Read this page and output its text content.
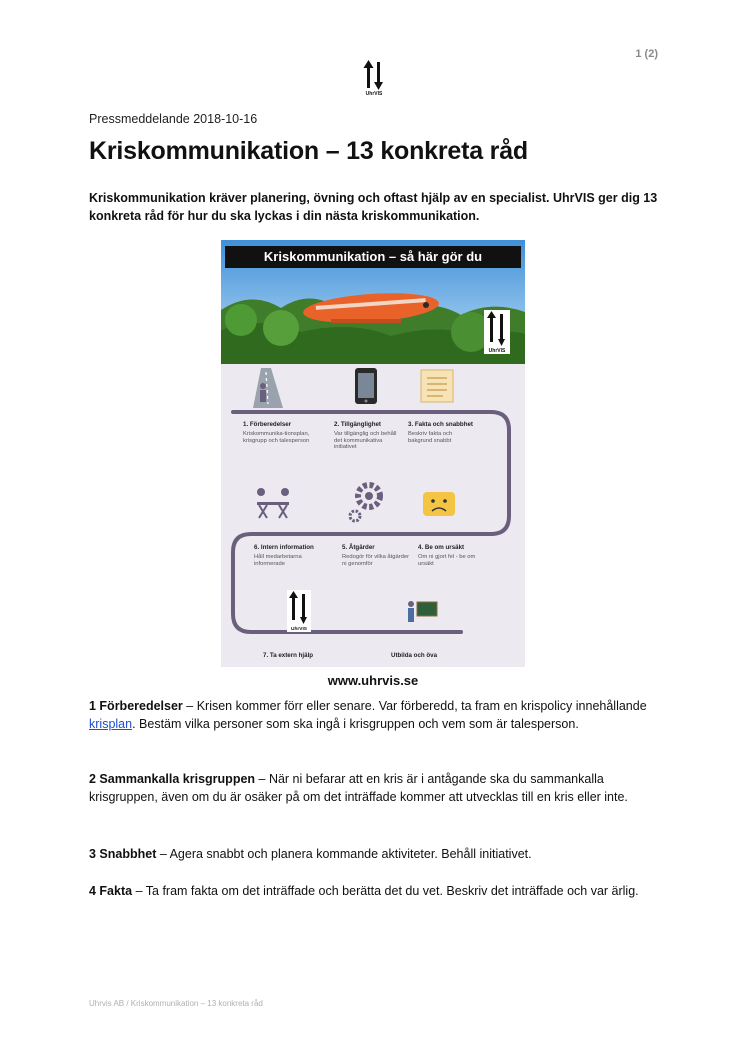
1 (2)
UhrVIS
Pressmeddelande 2018-10-16
Kriskommunikation – 13 konkreta råd

Kriskommunikation kräver planering, övning och oftast hjälp av en specialist. UhrVIS ger dig 13 konkreta råd för hur du ska lyckas i din nästa kriskommunikation.

UhrVIS
Kriskommunikation – så här gör du
UhrVIS
1. Förberedelser
Kriskommunika-tionsplan, krisgrupp och talesperson
2. Tillgänglighet
Var tillgänglig och behåll det kommunikativa initiativet
3. Fakta och snabbhet
Beskriv fakta och bakgrund snabbt
6. Intern information
Håll medarbetarna informerade
5. Åtgärder
Redogör för vilka åtgärder ni genomför
4. Be om ursäkt
Om ni gjort fel - be om ursäkt
7. Ta extern hjälp	Utbilda och öva
www.uhrvis.se

1 Förberedelser – Krisen kommer förr eller senare. Var förberedd, ta fram en krispolicy innehållande krisplan. Bestäm vilka personer som ska ingå i krisgruppen och vem som är talesperson.

2 Sammankalla krisgruppen – När ni befarar att en kris är i antågande ska du sammankalla krisgruppen, även om du är osäker på om det inträffade kommer att utvecklas till en kris eller inte.

3 Snabbhet – Agera snabbt och planera kommande aktiviteter. Behåll initiativet.

4 Fakta – Ta fram fakta om det inträffade och berätta det du vet. Beskriv det inträffade och var ärlig.

Uhrvis AB / Kriskommunikation – 13 konkreta råd
